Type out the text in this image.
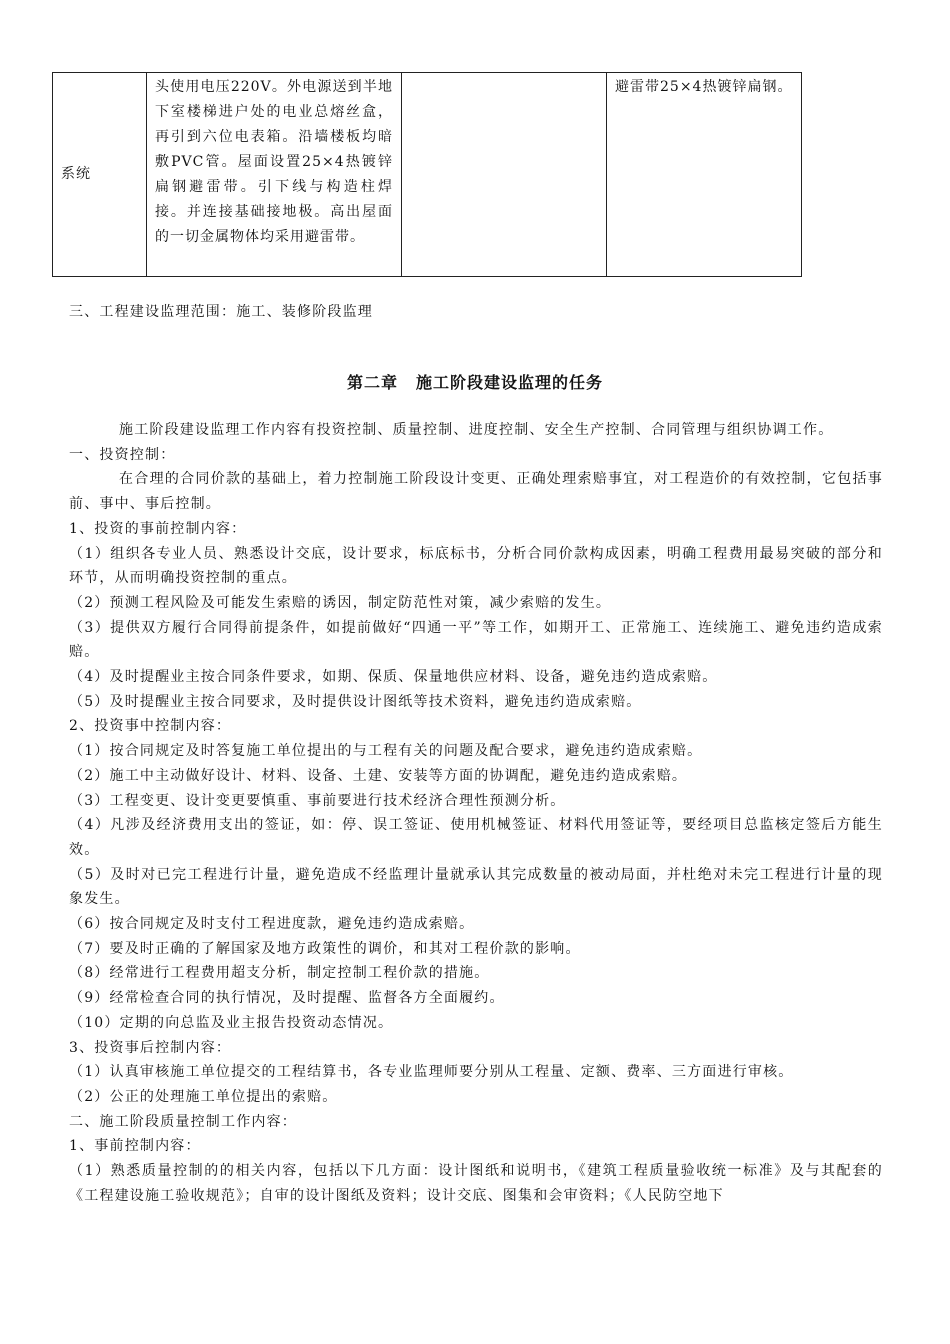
系统	头使用电压220V。外电源送到半地下室楼梯进户处的电业总熔丝盒，再引到六位电表箱。沿墙楼板均暗敷PVC管。屋面设置25×4热镀锌扁钢避雷带。引下线与构造柱焊接。并连接基础接地极。高出屋面的一切金属物体均采用避雷带。		避雷带25×4热镀锌扁钢。
三、工程建设监理范围：施工、装修阶段监理
第二章 施工阶段建设监理的任务
施工阶段建设监理工作内容有投资控制、质量控制、进度控制、安全生产控制、合同管理与组织协调工作。
一、投资控制：
在合理的合同价款的基础上，着力控制施工阶段设计变更、正确处理索赔事宜，对工程造价的有效控制，它包括事前、事中、事后控制。
1、投资的事前控制内容：
（1）组织各专业人员、熟悉设计交底，设计要求，标底标书，分析合同价款构成因素，明确工程费用最易突破的部分和环节，从而明确投资控制的重点。
（2）预测工程风险及可能发生索赔的诱因，制定防范性对策，减少索赔的发生。
（3）提供双方履行合同得前提条件，如提前做好“四通一平”等工作，如期开工、正常施工、连续施工、避免违约造成索赔。
（4）及时提醒业主按合同条件要求，如期、保质、保量地供应材料、设备，避免违约造成索赔。
（5）及时提醒业主按合同要求，及时提供设计图纸等技术资料，避免违约造成索赔。
2、投资事中控制内容：
（1）按合同规定及时答复施工单位提出的与工程有关的问题及配合要求，避免违约造成索赔。
（2）施工中主动做好设计、材料、设备、土建、安装等方面的协调配，避免违约造成索赔。
（3）工程变更、设计变更要慎重、事前要进行技术经济合理性预测分析。
（4）凡涉及经济费用支出的签证，如：停、误工签证、使用机械签证、材料代用签证等，要经项目总监核定签后方能生效。
（5）及时对已完工程进行计量，避免造成不经监理计量就承认其完成数量的被动局面，并杜绝对未完工程进行计量的现象发生。
（6）按合同规定及时支付工程进度款，避免违约造成索赔。
（7）要及时正确的了解国家及地方政策性的调价，和其对工程价款的影响。
（8）经常进行工程费用超支分析，制定控制工程价款的措施。
（9）经常检查合同的执行情况，及时提醒、监督各方全面履约。
（10）定期的向总监及业主报告投资动态情况。
3、投资事后控制内容：
（1）认真审核施工单位提交的工程结算书，各专业监理师要分别从工程量、定额、费率、三方面进行审核。
（2）公正的处理施工单位提出的索赔。
二、施工阶段质量控制工作内容：
1、事前控制内容：
（1）熟悉质量控制的的相关内容，包括以下几方面：设计图纸和说明书，《建筑工程质量验收统一标准》及与其配套的《工程建设施工验收规范》；自审的设计图纸及资料；设计交底、图集和会审资料；《人民防空地下
